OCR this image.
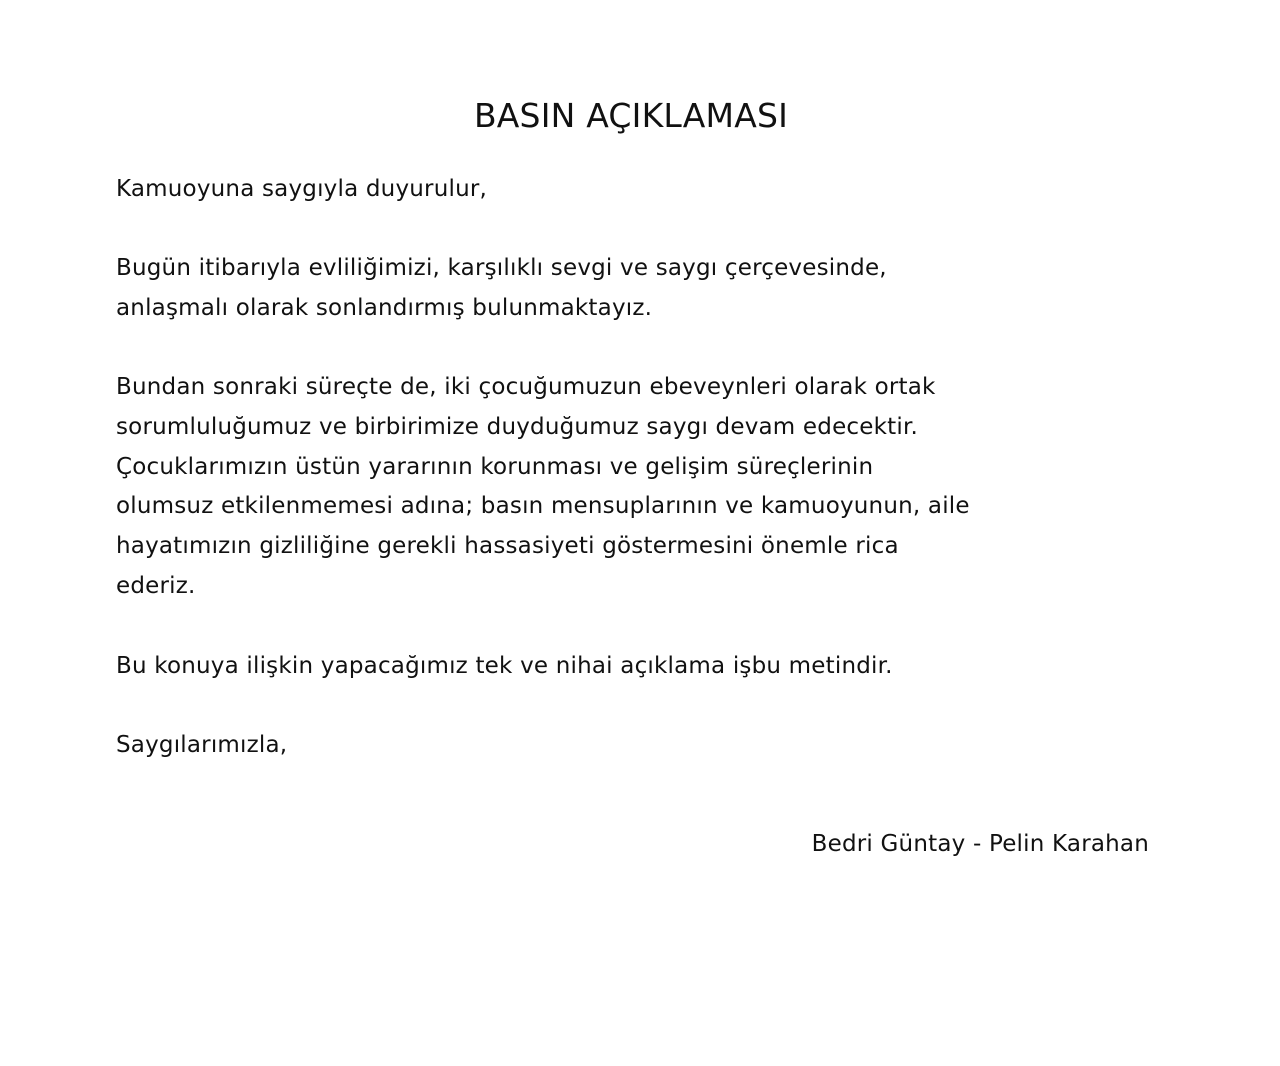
BASIN AÇIKLAMASI

Kamuoyuna saygıyla duyurulur,

Bugün itibarıyla evliliğimizi, karşılıklı sevgi ve saygı çerçevesinde,
anlaşmalı olarak sonlandırmış bulunmaktayız.

Bundan sonraki süreçte de, iki çocuğumuzun ebeveynleri olarak ortak
sorumluluğumuz ve birbirimize duyduğumuz saygı devam edecektir.
Çocuklarımızın üstün yararının korunması ve gelişim süreçlerinin
olumsuz etkilenmemesi adına; basın mensuplarının ve kamuoyunun, aile
hayatımızın gizliliğine gerekli hassasiyeti göstermesini önemle rica
ederiz.

Bu konuya ilişkin yapacağımız tek ve nihai açıklama işbu metindir.

Saygılarımızla,

Bedri Güntay - Pelin Karahan
